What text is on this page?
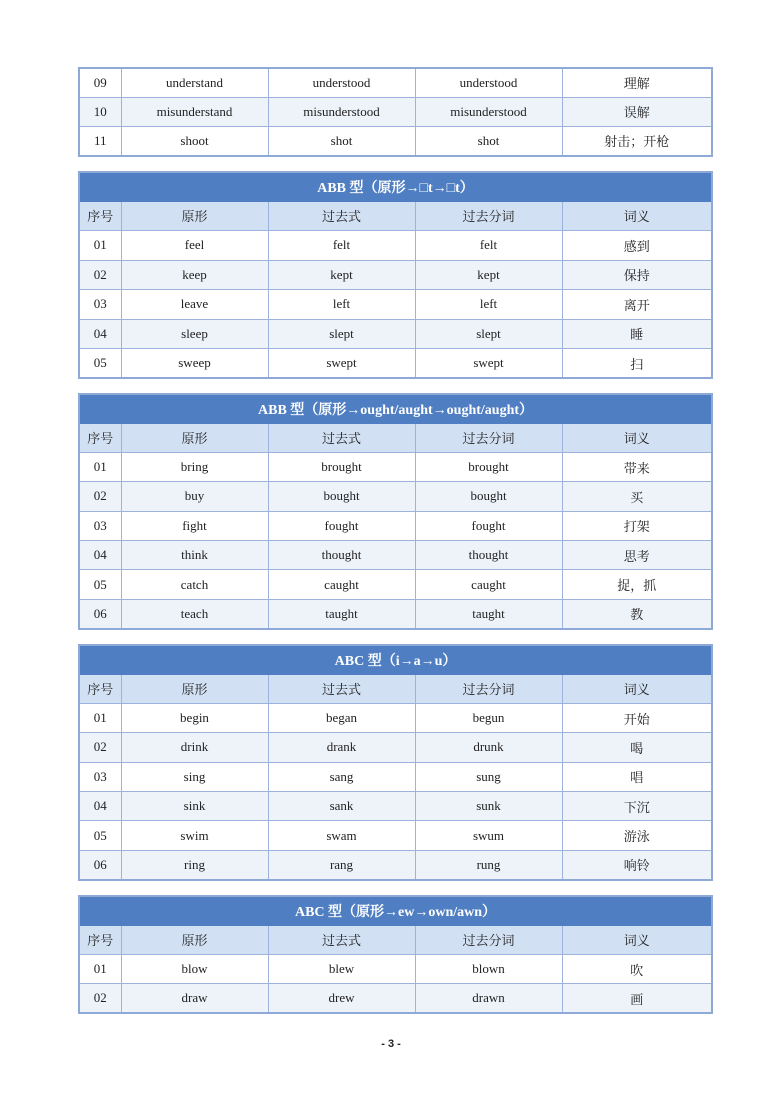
09	understand	understood	understood	理解
10	misunderstand	misunderstood	misunderstood	误解
11	shoot	shot	shot	射击；开枪
ABB 型（原形→□t→□t）				
序号	原形	过去式	过去分词	词义
01	feel	felt	felt	感到
02	keep	kept	kept	保持
03	leave	left	left	离开
04	sleep	slept	slept	睡
05	sweep	swept	swept	扫
ABB 型（原形→ought/aught→ought/aught）				
序号	原形	过去式	过去分词	词义
01	bring	brought	brought	带来
02	buy	bought	bought	买
03	fight	fought	fought	打架
04	think	thought	thought	思考
05	catch	caught	caught	捉，抓
06	teach	taught	taught	教
ABC 型（i→a→u）				
序号	原形	过去式	过去分词	词义
01	begin	began	begun	开始
02	drink	drank	drunk	喝
03	sing	sang	sung	唱
04	sink	sank	sunk	下沉
05	swim	swam	swum	游泳
06	ring	rang	rung	响铃
ABC 型（原形→ew→own/awn）				
序号	原形	过去式	过去分词	词义
01	blow	blew	blown	吹
02	draw	drew	drawn	画
- 3 -
